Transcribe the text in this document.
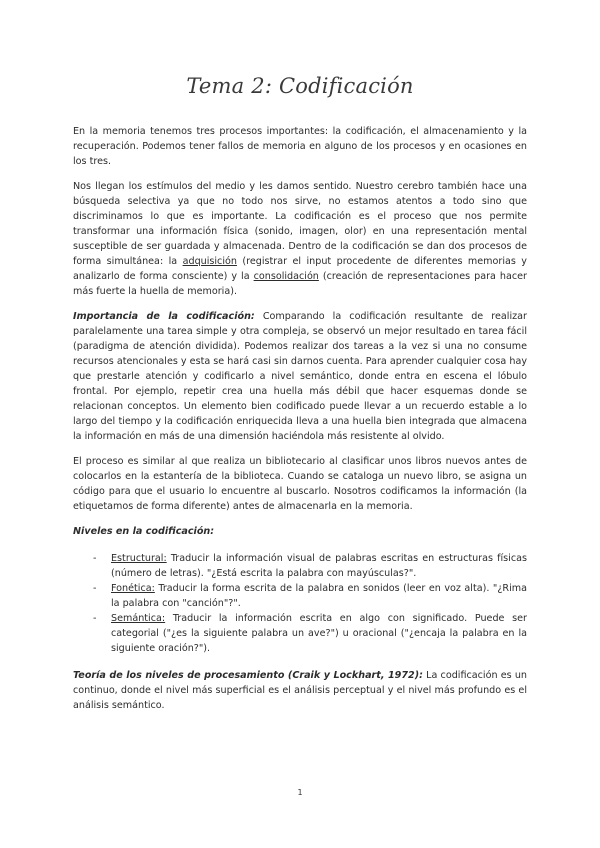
Tema 2: Codificación

En la memoria tenemos tres procesos importantes: la codificación, el almacenamiento y la recuperación. Podemos tener fallos de memoria en alguno de los procesos y en ocasiones en los tres.

Nos llegan los estímulos del medio y les damos sentido. Nuestro cerebro también hace una búsqueda selectiva ya que no todo nos sirve, no estamos atentos a todo sino que discriminamos lo que es importante. La codificación es el proceso que nos permite transformar una información física (sonido, imagen, olor) en una representación mental susceptible de ser guardada y almacenada. Dentro de la codificación se dan dos procesos de forma simultánea: la adquisición (registrar el input procedente de diferentes memorias y analizarlo de forma consciente) y la consolidación (creación de representaciones para hacer más fuerte la huella de memoria).

Importancia de la codificación: Comparando la codificación resultante de realizar paralelamente una tarea simple y otra compleja, se observó un mejor resultado en tarea fácil (paradigma de atención dividida). Podemos realizar dos tareas a la vez si una no consume recursos atencionales y esta se hará casi sin darnos cuenta. Para aprender cualquier cosa hay que prestarle atención y codificarlo a nivel semántico, donde entra en escena el lóbulo frontal. Por ejemplo, repetir crea una huella más débil que hacer esquemas donde se relacionan conceptos. Un elemento bien codificado puede llevar a un recuerdo estable a lo largo del tiempo y la codificación enriquecida lleva a una huella bien integrada que almacena la información en más de una dimensión haciéndola más resistente al olvido.

El proceso es similar al que realiza un bibliotecario al clasificar unos libros nuevos antes de colocarlos en la estantería de la biblioteca. Cuando se cataloga un nuevo libro, se asigna un código para que el usuario lo encuentre al buscarlo. Nosotros codificamos la información (la etiquetamos de forma diferente) antes de almacenarla en la memoria.

Niveles en la codificación:
- Estructural: Traducir la información visual de palabras escritas en estructuras físicas (número de letras). "¿Está escrita la palabra con mayúsculas?".
- Fonética: Traducir la forma escrita de la palabra en sonidos (leer en voz alta). "¿Rima la palabra con "canción"?".
- Semántica: Traducir la información escrita en algo con significado. Puede ser categorial ("¿es la siguiente palabra un ave?") u oracional ("¿encaja la palabra en la siguiente oración?").

Teoría de los niveles de procesamiento (Craik y Lockhart, 1972): La codificación es un continuo, donde el nivel más superficial es el análisis perceptual y el nivel más profundo es el análisis semántico.

1
